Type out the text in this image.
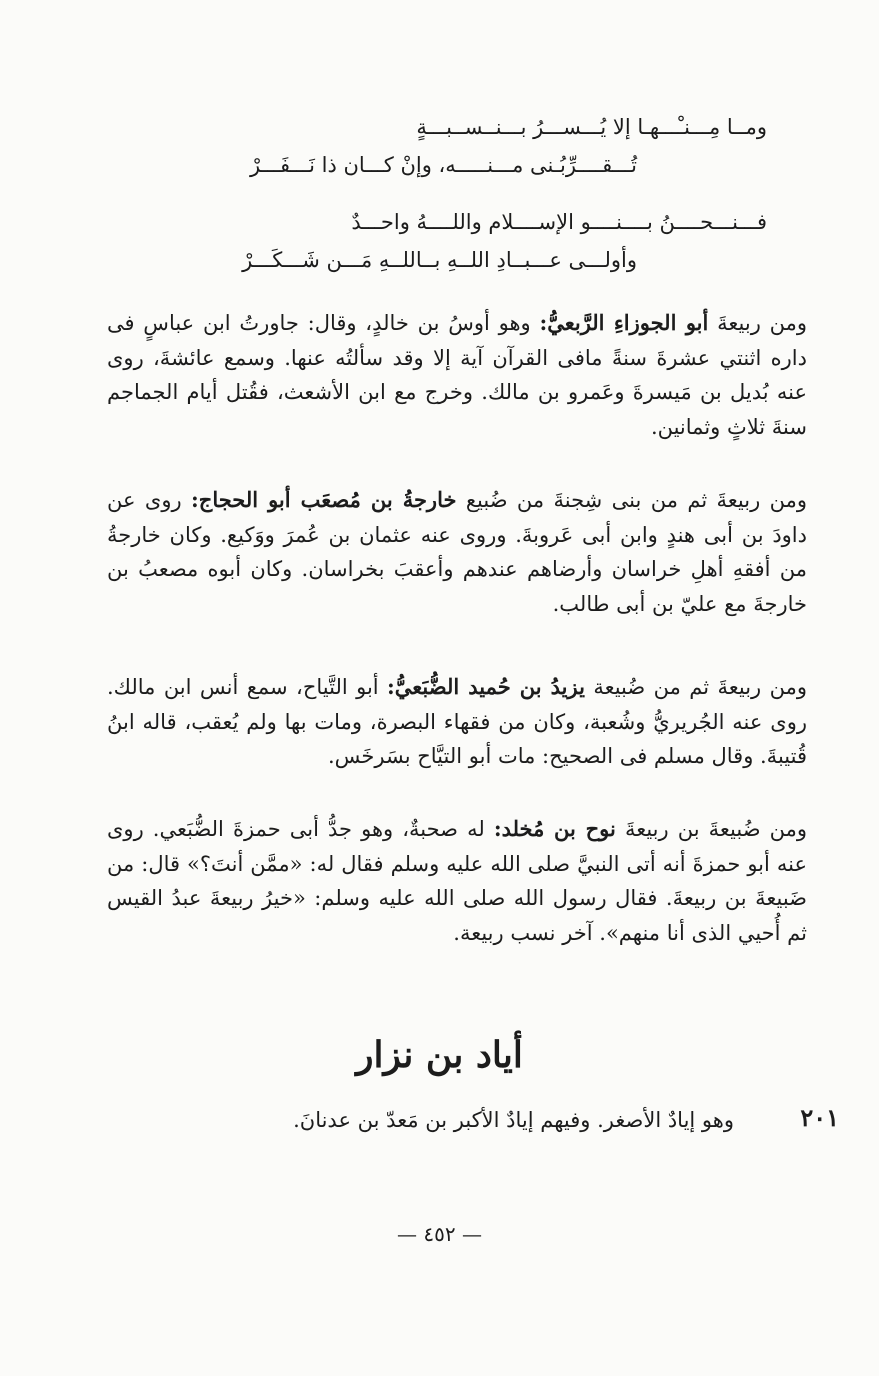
ومــا مِـــنـْـــهـا إلا يُـــســـرُ بـــنــســبـــةٍ
تُـــقــــرِّبُـنى مـــنـــــه، وإنْ كـــان ذا نَـــفَـــرْ
فـــنـــحــــنُ بــــنــــو الإســــلام واللــــهُ واحـــدٌ
وأولـــى عـــبــادِ اللــهِ بــاللــهِ مَـــن شَـــكَـــرْ
ومن ربيعةَ أبو الجوزاءِ الرَّبعيُّ: وهو أوسُ بن خالدٍ، وقال: جاورتُ ابن عباسٍ فى داره اثنتي عشرةَ سنةً مافى القرآن آية إلا وقد سألتُه عنها. وسمع عائشةَ، روى عنه بُديل بن مَيسرةَ وعَمرو بن مالك. وخرج مع ابن الأشعث، فقُتل أيام الجماجم سنةَ ثلاثٍ وثمانين.
ومن ربيعةَ ثم من بنى شِجنةَ من ضُبيع خارجةُ بن مُصعَب أبو الحجاج: روى عن داودَ بن أبى هندٍ وابن أبى عَروبةَ. وروى عنه عثمان بن عُمرَ ووَكيع. وكان خارجةُ من أفقهِ أهلِ خراسان وأرضاهم عندهم وأعقبَ بخراسان. وكان أبوه مصعبُ بن خارجةَ مع عليّ بن أبى طالب.
ومن ربيعةَ ثم من ضُبيعة يزيدُ بن حُميد الضُّبَعيُّ: أبو التَّياح، سمع أنس ابن مالك. روى عنه الجُريريُّ وشُعبة، وكان من فقهاء البصرة، ومات بها ولم يُعقب، قاله ابنُ قُتيبةَ. وقال مسلم فى الصحيح: مات أبو التيَّاح بسَرخَس.
ومن ضُبيعةَ بن ربيعةَ نوح بن مُخلد: له صحبةٌ، وهو جدُّ أبى حمزةَ الضُّبَعي. روى عنه أبو حمزةَ أنه أتى النبيَّ صلى الله عليه وسلم فقال له: «ممَّن أنتَ؟» قال: من ضَبيعةَ بن ربيعةَ. فقال رسول الله صلى الله عليه وسلم: «خيرُ ربيعةَ عبدُ القيس ثم أُحيي الذى أنا منهم». آخر نسب ربيعة.
أياد بن نزار
٢٠١
وهو إيادٌ الأصغر. وفيهم إيادٌ الأكبر بن مَعدّ بن عدنانَ.
— ٤٥٢ —
